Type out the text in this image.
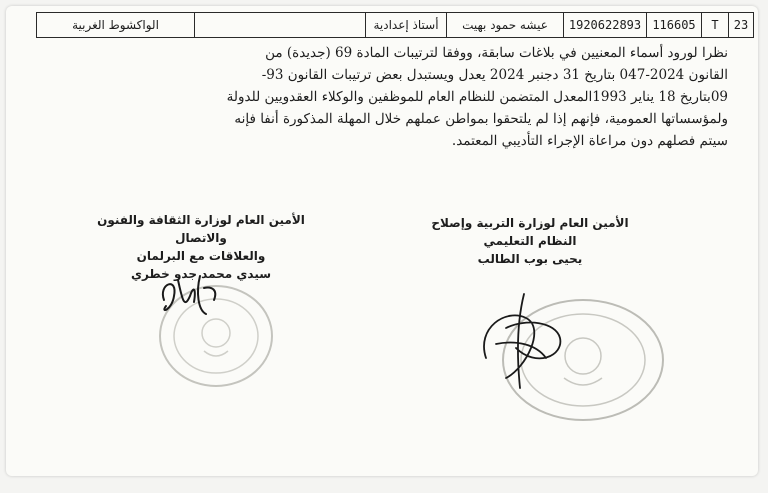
23
T
116605
1920622893
عيشه حمود بهيت
أستاذ إعدادية
الواكشوط الغربية

نظرا لورود أسماء المعنيين في بلاغات سابقة، ووفقا لترتيبات المادة 69 (جديدة) من

القانون 2024-047 بتاريخ 31 دجنبر 2024 يعدل ويستبدل بعض ترتيبات القانون 93-

09بتاريخ 18 يناير 1993المعدل المتضمن للنظام العام للموظفين والوكلاء العقدويين للدولة

ولمؤسساتها العمومية، فإنهم إذا لم يلتحقوا بمواطن عملهم خلال المهلة المذكورة أنفا فإنه

سيتم فصلهم دون مراعاة الإجراء التأديبي المعتمد.

الأمين العام لوزارة التربية وإصلاح
النظام التعليمي
يحيى بوب الطالب
الأمين العام لوزارة الثقافة والفنون والاتصال
والعلاقات مع البرلمان
سيدي محمد جدو خطري
